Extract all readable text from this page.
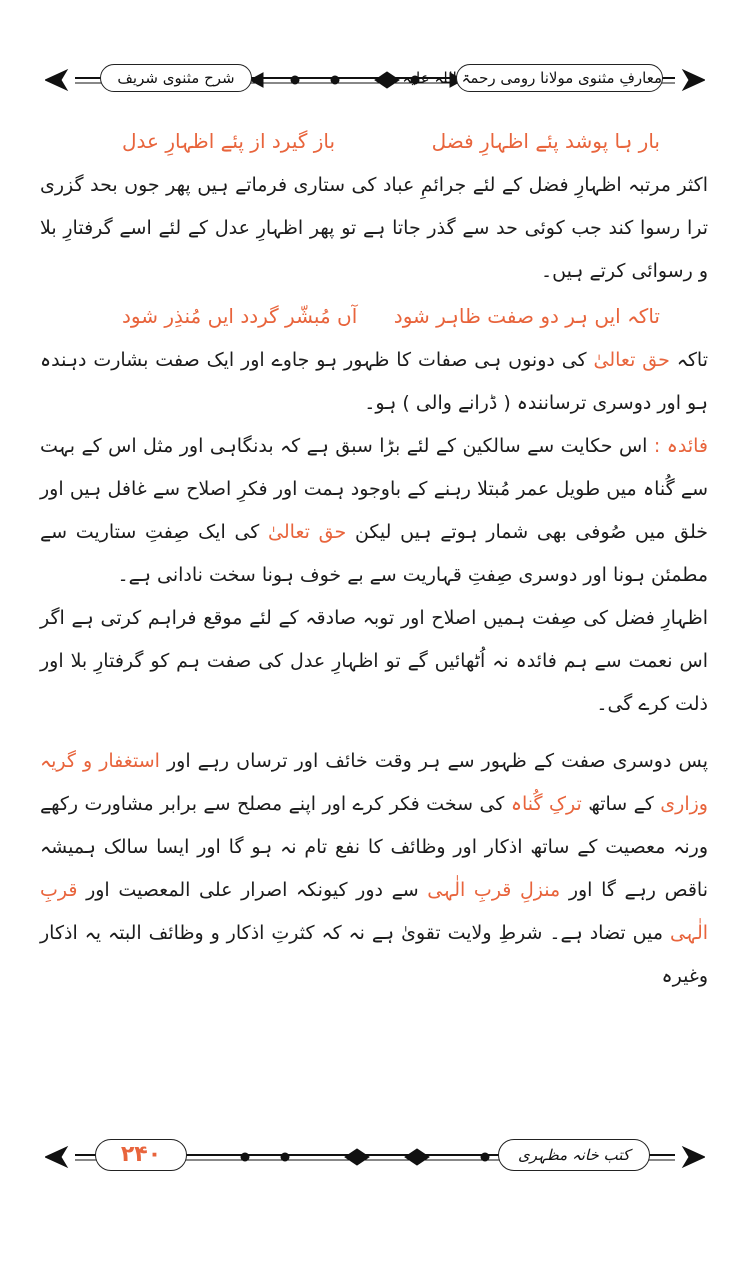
معارفِ مثنوی مولانا رومی رحمۃ اللہ علیہ
شرح مثنوی شریف
بار ہا پوشد پئے اظہارِ فضل
باز گیرد از پئے اظہارِ عدل
اکثر مرتبہ اظہارِ فضل کے لئے جرائمِ عباد کی ستاری فرماتے ہیں پھر جوں بحد گزری ترا رسوا کند جب کوئی حد سے گذر جاتا ہے تو پھر اظہارِ عدل کے لئے اسے گرفتارِ بلا و رسوائی کرتے ہیں۔
تاکہ ایں ہر دو صفت ظاہر شود
آں مُبشّر گردد ایں مُنذِر شود
تاکہ حق تعالیٰ کی دونوں ہی صفات کا ظہور ہو جاوے اور ایک صفت بشارت دہندہ ہو اور دوسری ترسانندہ ( ڈرانے والی ) ہو۔
فائدہ : اس حکایت سے سالکین کے لئے بڑا سبق ہے کہ بدنگاہی اور مثل اس کے بہت سے گُناہ میں طویل عمر مُبتلا رہنے کے باوجود ہمت اور فکرِ اصلاح سے غافل ہیں اور خلق میں صُوفی بھی شمار ہوتے ہیں لیکن حق تعالیٰ کی ایک صِفتِ ستاریت سے مطمئن ہونا اور دوسری صِفتِ قہاریت سے بے خوف ہونا سخت نادانی ہے۔
اظہارِ فضل کی صِفت ہمیں اصلاح اور توبہ صادقہ کے لئے موقع فراہم کرتی ہے اگر اس نعمت سے ہم فائدہ نہ اُٹھائیں گے تو اظہارِ عدل کی صفت ہم کو گرفتارِ بلا اور ذلت کرے گی۔
پس دوسری صفت کے ظہور سے ہر وقت خائف اور ترساں رہے اور استغفار و گریہ وزاری کے ساتھ ترکِ گُناہ کی سخت فکر کرے اور اپنے مصلح سے برابر مشاورت رکھے ورنہ معصیت کے ساتھ اذکار اور وظائف کا نفع تام نہ ہو گا اور ایسا سالک ہمیشہ ناقص رہے گا اور منزلِ قربِ الٰہی سے دور کیونکہ اصرار علی المعصیت اور قربِ الٰہی میں تضاد ہے۔ شرطِ ولایت تقویٰ ہے نہ کہ کثرتِ اذکار و وظائف البتہ یہ اذکار وغیرہ
۲۴۰	کتب خانہ مظہری
